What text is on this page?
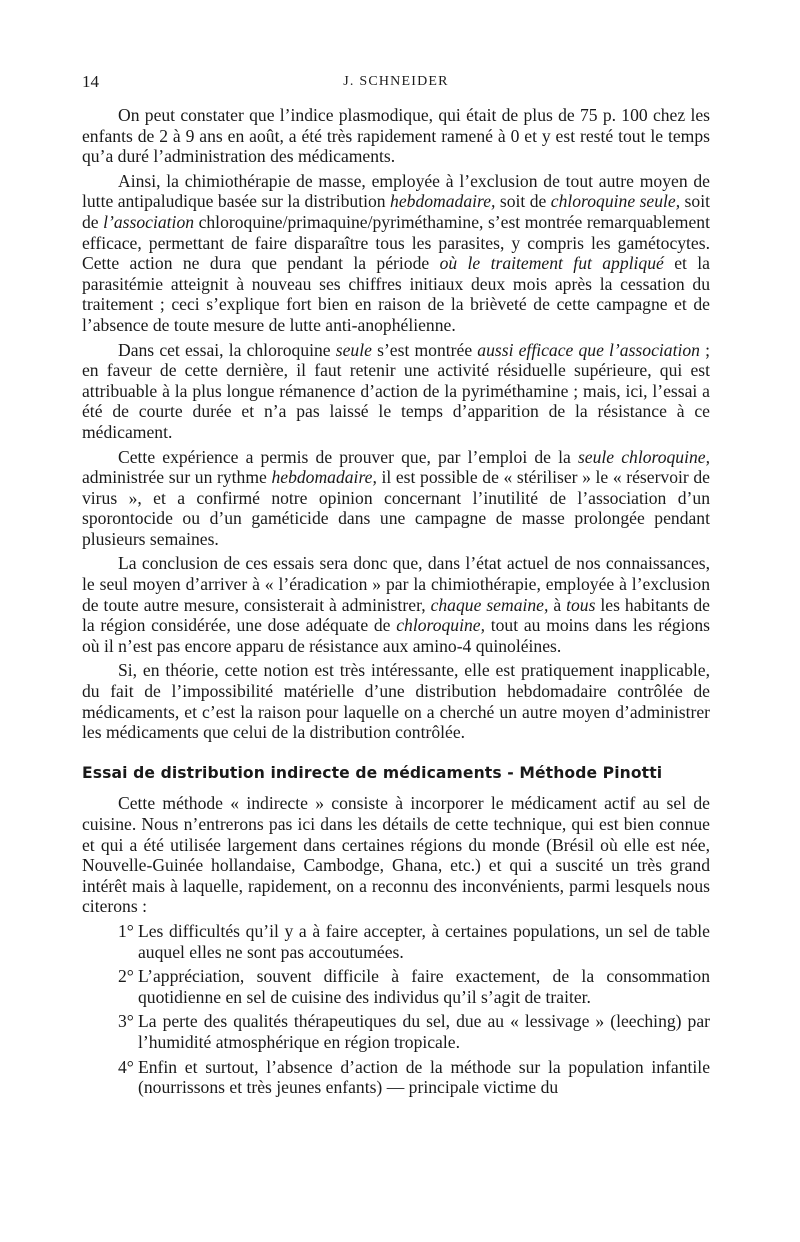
14	J. SCHNEIDER

On peut constater que l’indice plasmodique, qui était de plus de 75 p. 100 chez les enfants de 2 à 9 ans en août, a été très rapidement ramené à 0 et y est resté tout le temps qu’a duré l’administration des médicaments.

Ainsi, la chimiothérapie de masse, employée à l’exclusion de tout autre moyen de lutte antipaludique basée sur la distribution hebdomadaire, soit de chloroquine seule, soit de l’association chloroquine/primaquine/pyriméthamine, s’est montrée remarquablement efficace, permettant de faire disparaître tous les parasites, y compris les gamétocytes. Cette action ne dura que pendant la période où le traitement fut appliqué et la parasitémie atteignit à nouveau ses chiffres initiaux deux mois après la cessation du traitement ; ceci s’explique fort bien en raison de la brièveté de cette campagne et de l’absence de toute mesure de lutte anti-anophélienne.

Dans cet essai, la chloroquine seule s’est montrée aussi efficace que l’association ; en faveur de cette dernière, il faut retenir une activité résiduelle supérieure, qui est attribuable à la plus longue rémanence d’action de la pyriméthamine ; mais, ici, l’essai a été de courte durée et n’a pas laissé le temps d’apparition de la résistance à ce médicament.

Cette expérience a permis de prouver que, par l’emploi de la seule chloroquine, administrée sur un rythme hebdomadaire, il est possible de « stériliser » le « réservoir de virus », et a confirmé notre opinion concernant l’inutilité de l’association d’un sporontocide ou d’un gaméticide dans une campagne de masse prolongée pendant plusieurs semaines.

La conclusion de ces essais sera donc que, dans l’état actuel de nos connaissances, le seul moyen d’arriver à « l’éradication » par la chimiothérapie, employée à l’exclusion de toute autre mesure, consisterait à administrer, chaque semaine, à tous les habitants de la région considérée, une dose adéquate de chloroquine, tout au moins dans les régions où il n’est pas encore apparu de résistance aux amino-4 quinoléines.

Si, en théorie, cette notion est très intéressante, elle est pratiquement inapplicable, du fait de l’impossibilité matérielle d’une distribution hebdomadaire contrôlée de médicaments, et c’est la raison pour laquelle on a cherché un autre moyen d’administrer les médicaments que celui de la distribution contrôlée.

Essai de distribution indirecte de médicaments - Méthode Pinotti

Cette méthode « indirecte » consiste à incorporer le médicament actif au sel de cuisine. Nous n’entrerons pas ici dans les détails de cette technique, qui est bien connue et qui a été utilisée largement dans certaines régions du monde (Brésil où elle est née, Nouvelle-Guinée hollandaise, Cambodge, Ghana, etc.) et qui a suscité un très grand intérêt mais à laquelle, rapidement, on a reconnu des inconvénients, parmi lesquels nous citerons :

1° Les difficultés qu’il y a à faire accepter, à certaines populations, un sel de table auquel elles ne sont pas accoutumées.
2° L’appréciation, souvent difficile à faire exactement, de la consommation quotidienne en sel de cuisine des individus qu’il s’agit de traiter.
3° La perte des qualités thérapeutiques du sel, due au « lessivage » (leeching) par l’humidité atmosphérique en région tropicale.
4° Enfin et surtout, l’absence d’action de la méthode sur la population infantile (nourrissons et très jeunes enfants) — principale victime du
